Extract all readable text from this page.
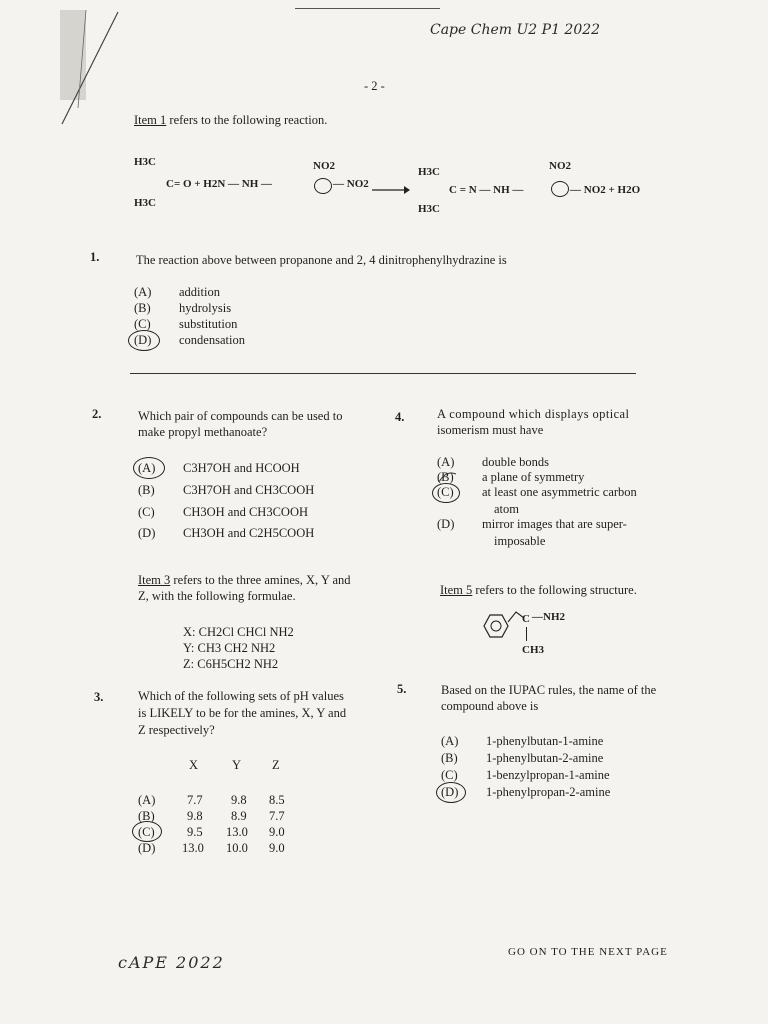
Cape Chem U2 P1 2022
- 2 -
Item 1 refers to the following reaction.
H3C
H3C
C= O + H2N — NH —
NO2
— NO2 →
H3C
H3C
C = N — NH —
NO2
— NO2 + H2O
1.	The reaction above between propanone and 2, 4 dinitrophenylhydrazine is
(A)	addition
(B)	hydrolysis
(C)	substitution
(D)	condensation
2.	Which pair of compounds can be used to
make propyl methanoate?
(A)	C3H7OH and HCOOH
(B)	C3H7OH and CH3COOH
(C)	CH3OH and CH3COOH
(D)	CH3OH and C2H5COOH
Item 3 refers to the three amines, X, Y and
Z, with the following formulae.
X: CH2Cl CHCl NH2
Y: CH3 CH2 NH2
Z: C6H5CH2 NH2
3.	Which of the following sets of pH values
is LIKELY to be for the amines, X, Y and
Z respectively?
X	Y Z
(A)	7.7 9.8 8.5
(B)	9.8 8.9 7.7
(C)	9.5 13.0 9.0
(D) 13.0 10.0 9.0
4.	A compound which displays optical
isomerism must have
(A)	double bonds
(B)	a plane of symmetry
(C)	at least one asymmetric carbon
atom
(D)	mirror images that are super-
imposable
Item 5 refers to the following structure.
C —NH2
CH3
5.	Based on the IUPAC rules, the name of the
compound above is
(A)	1-phenylbutan-1-amine
(B)	1-phenylbutan-2-amine
(C)	1-benzylpropan-1-amine
(D)	1-phenylpropan-2-amine
cAPE 2022
GO ON TO THE NEXT PAGE
